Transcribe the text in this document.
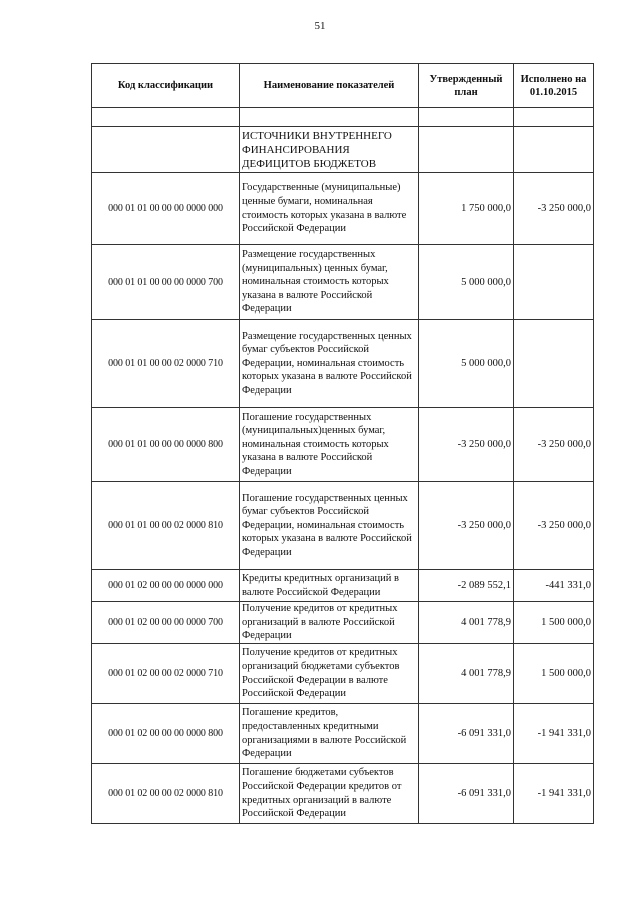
51
Код классификации	Наименование показателей	Утвержденный план	Исполнено на 01.10.2015

	ИСТОЧНИКИ ВНУТРЕННЕГО ФИНАНСИРОВАНИЯ ДЕФИЦИТОВ БЮДЖЕТОВ		
000 01 01 00 00 00 0000 000	Государственные (муниципальные) ценные бумаги, номинальная стоимость которых указана в валюте Российской Федерации	1 750 000,0	-3 250 000,0
000 01 01 00 00 00 0000 700	Размещение государственных (муниципальных) ценных бумаг, номинальная стоимость которых указана в валюте Российской Федерации	5 000 000,0	
000 01 01 00 00 02 0000 710	Размещение государственных ценных бумаг субъектов Российской Федерации, номинальная стоимость которых указана в валюте Российской Федерации	5 000 000,0	
000 01 01 00 00 00 0000 800	Погашение государственных (муниципальных)ценных бумаг, номинальная стоимость которых указана в валюте Российской Федерации	-3 250 000,0	-3 250 000,0
000 01 01 00 00 02 0000 810	Погашение государственных ценных бумаг субъектов Российской Федерации, номинальная стоимость которых указана в валюте Российской Федерации	-3 250 000,0	-3 250 000,0
000 01 02 00 00 00 0000 000	Кредиты кредитных организаций в валюте Российской Федерации	-2 089 552,1	-441 331,0
000 01 02 00 00 00 0000 700	Получение кредитов от кредитных организаций в валюте Российской Федерации	4 001 778,9	1 500 000,0
000 01 02 00 00 02 0000 710	Получение кредитов от кредитных организаций бюджетами субъектов Российской Федерации в валюте Российской Федерации	4 001 778,9	1 500 000,0
000 01 02 00 00 00 0000 800	Погашение кредитов, предоставленных кредитными организациями в валюте Российской Федерации	-6 091 331,0	-1 941 331,0
000 01 02 00 00 02 0000 810	Погашение бюджетами субъектов Российской Федерации кредитов от кредитных организаций в валюте Российской Федерации	-6 091 331,0	-1 941 331,0
